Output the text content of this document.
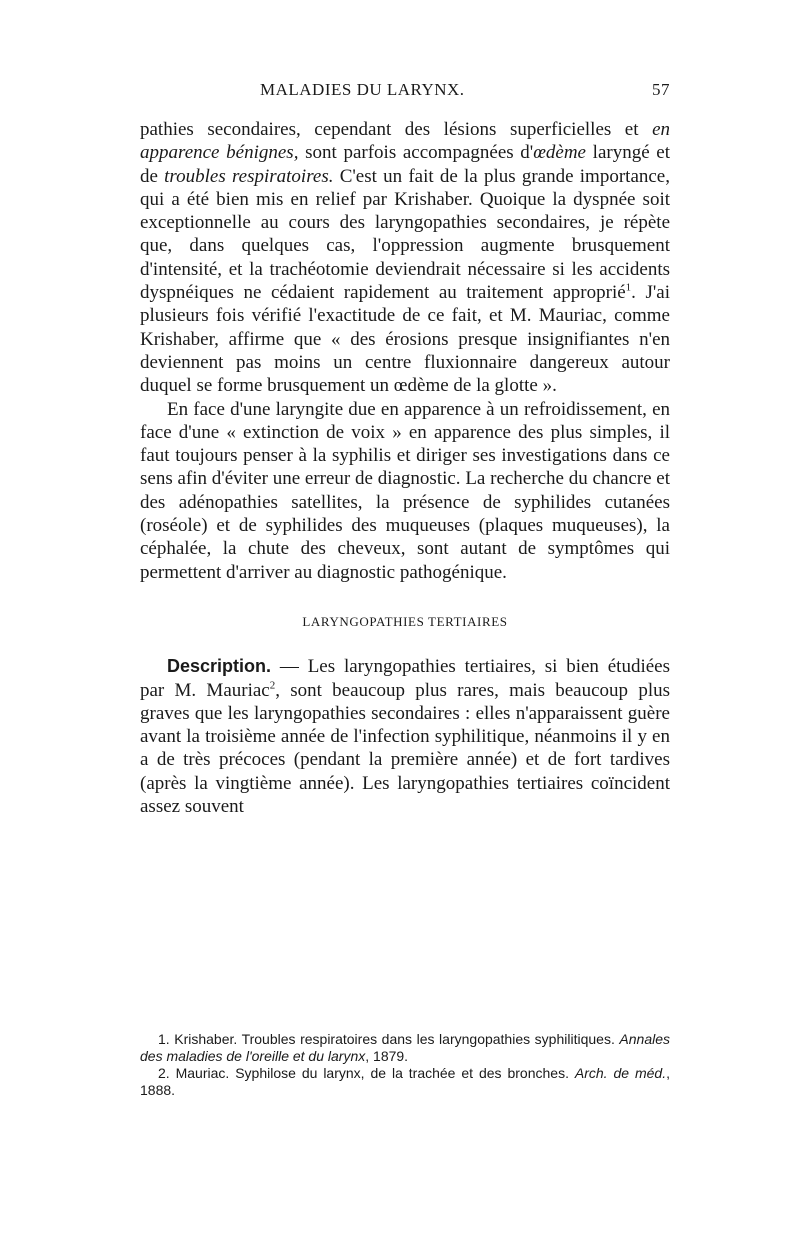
MALADIES DU LARYNX.	57

pathies secondaires, cependant des lésions superficielles et en apparence bénignes, sont parfois accompagnées d'œdème laryngé et de troubles respiratoires. C'est un fait de la plus grande importance, qui a été bien mis en relief par Krishaber. Quoique la dyspnée soit exceptionnelle au cours des laryngopathies secondaires, je répète que, dans quelques cas, l'oppression augmente brusquement d'intensité, et la trachéotomie deviendrait nécessaire si les accidents dyspnéiques ne cédaient rapidement au traitement approprié$^1$. J'ai plusieurs fois vérifié l'exactitude de ce fait, et M. Mauriac, comme Krishaber, affirme que « des érosions presque insignifiantes n'en deviennent pas moins un centre fluxionnaire dangereux autour duquel se forme brusquement un œdème de la glotte ».

En face d'une laryngite due en apparence à un refroidissement, en face d'une « extinction de voix » en apparence des plus simples, il faut toujours penser à la syphilis et diriger ses investigations dans ce sens afin d'éviter une erreur de diagnostic. La recherche du chancre et des adénopathies satellites, la présence de syphilides cutanées (roséole) et de syphilides des muqueuses (plaques muqueuses), la céphalée, la chute des cheveux, sont autant de symptômes qui permettent d'arriver au diagnostic pathogénique.

LARYNGOPATHIES TERTIAIRES

Description. — Les laryngopathies tertiaires, si bien étudiées par M. Mauriac$^2$, sont beaucoup plus rares, mais beaucoup plus graves que les laryngopathies secondaires : elles n'apparaissent guère avant la troisième année de l'infection syphilitique, néanmoins il y en a de très précoces (pendant la première année) et de fort tardives (après la vingtième année). Les laryngopathies tertiaires coïncident assez souvent

1. Krishaber. Troubles respiratoires dans les laryngopathies syphilitiques. Annales des maladies de l'oreille et du larynx, 1879.

2. Mauriac. Syphilose du larynx, de la trachée et des bronches. Arch. de méd., 1888.
